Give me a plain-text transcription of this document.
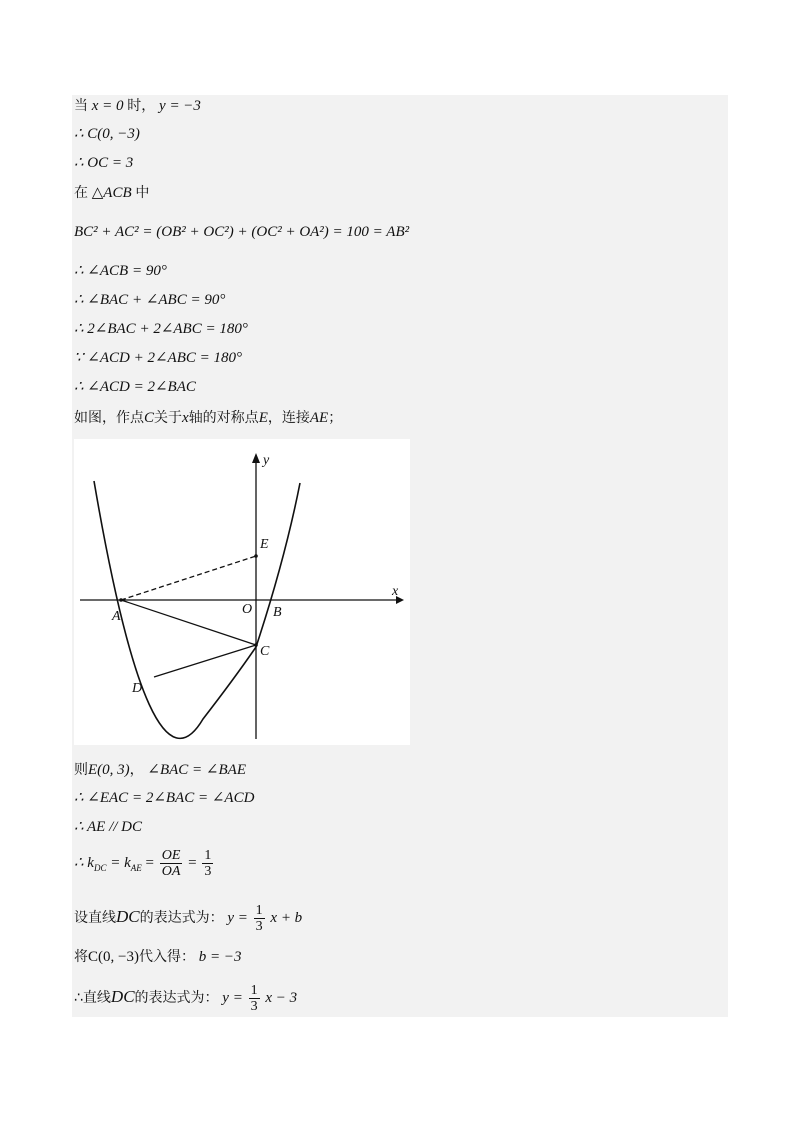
当 x = 0 时， y = −3
∴ C(0, −3)
∴ OC = 3
在 △ACB 中
BC² + AC² = (OB² + OC²) + (OC² + OA²) = 100 = AB²
∴ ∠ACB = 90°
∴ ∠BAC + ∠ABC = 90°
∴ 2∠BAC + 2∠ABC = 180°
∵ ∠ACD + 2∠ABC = 180°
∴ ∠ACD = 2∠BAC
如图，作点C关于x轴的对称点E，连接AE；
y
x
E
O B
A
C
D
则E(0, 3)， ∠BAC = ∠BAE
∴ ∠EAC = 2∠BAC = ∠ACD
∴ AE // DC
∴ $k_{DC} = k_{AE} = \frac{OE}{OA} = \frac{1}{3}$
设直线DC的表达式为： $y = \frac{1}{3}$ x + b
将C(0, −3)代入得： b = −3
∴直线DC的表达式为： $y = \frac{1}{3}$ x − 3
